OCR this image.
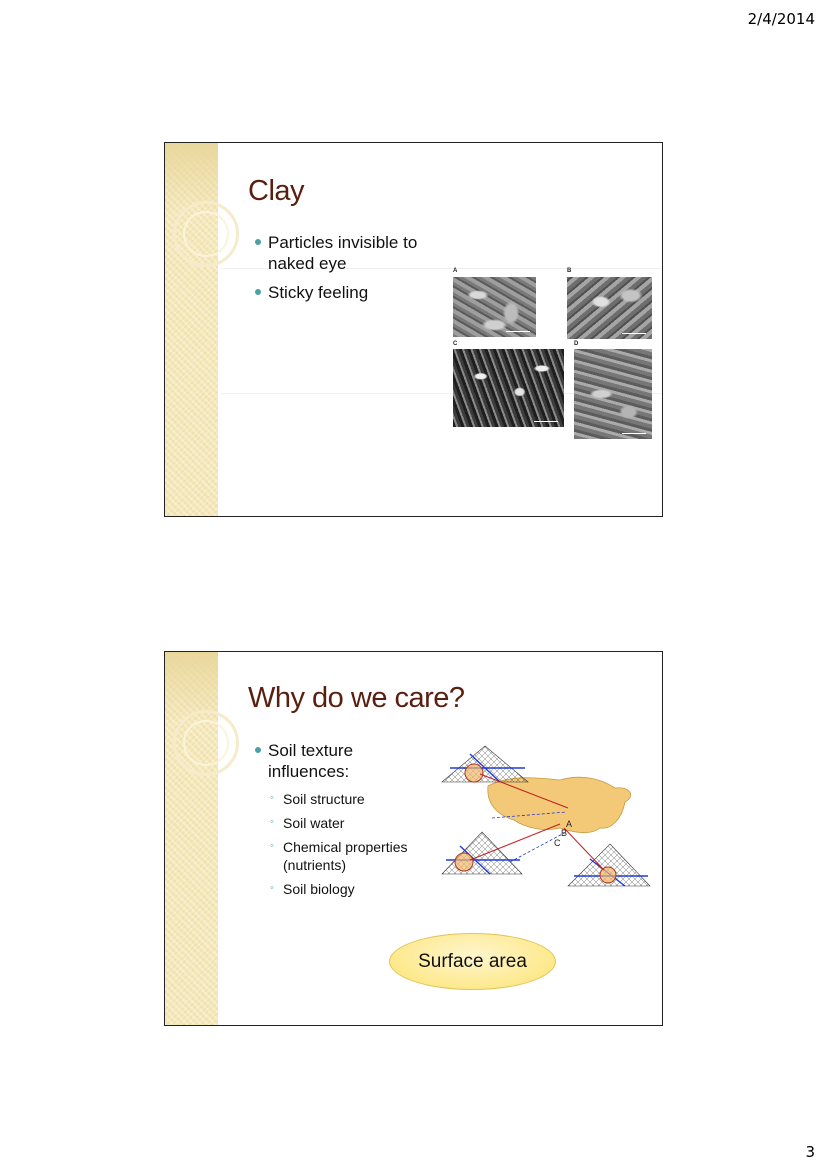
2/4/2014
Clay
Particles invisible to naked eye
Sticky feeling
A	B
C	D
Why do we care?
Soil texture influences:
◦ Soil structure
◦ Soil water
◦ Chemical properties (nutrients)
◦ Soil biology
A
B
C
Surface area
3
